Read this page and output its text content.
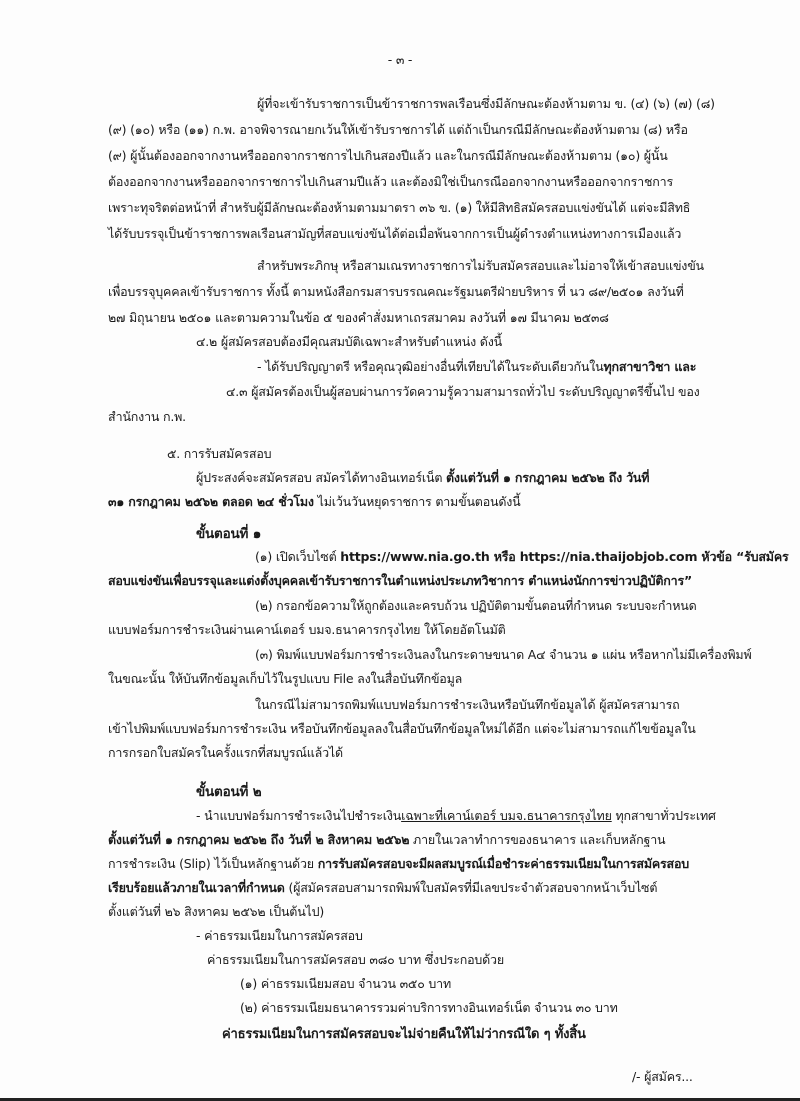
- ๓ -
ผู้ที่จะเข้ารับราชการเป็นข้าราชการพลเรือนซึ่งมีลักษณะต้องห้ามตาม ข. (๔) (๖) (๗) (๘)
(๙) (๑๐) หรือ (๑๑) ก.พ. อาจพิจารณายกเว้นให้เข้ารับราชการได้ แต่ถ้าเป็นกรณีมีลักษณะต้องห้ามตาม (๘) หรือ
(๙) ผู้นั้นต้องออกจากงานหรือออกจากราชการไปเกินสองปีแล้ว และในกรณีมีลักษณะต้องห้ามตาม (๑๐) ผู้นั้น
ต้องออกจากงานหรือออกจากราชการไปเกินสามปีแล้ว และต้องมิใช่เป็นกรณีออกจากงานหรือออกจากราชการ
เพราะทุจริตต่อหน้าที่ สำหรับผู้มีลักษณะต้องห้ามตามมาตรา ๓๖ ข. (๑) ให้มีสิทธิสมัครสอบแข่งขันได้ แต่จะมีสิทธิ
ได้รับบรรจุเป็นข้าราชการพลเรือนสามัญที่สอบแข่งขันได้ต่อเมื่อพ้นจากการเป็นผู้ดำรงตำแหน่งทางการเมืองแล้ว
สำหรับพระภิกษุ หรือสามเณรทางราชการไม่รับสมัครสอบและไม่อาจให้เข้าสอบแข่งขัน
เพื่อบรรจุบุคคลเข้ารับราชการ ทั้งนี้ ตามหนังสือกรมสารบรรณคณะรัฐมนตรีฝ่ายบริหาร ที่ นว ๘๙/๒๕๐๑ ลงวันที่
๒๗ มิถุนายน ๒๕๐๑ และตามความในข้อ ๕ ของคำสั่งมหาเถรสมาคม ลงวันที่ ๑๗ มีนาคม ๒๕๓๘
๔.๒ ผู้สมัครสอบต้องมีคุณสมบัติเฉพาะสำหรับตำแหน่ง ดังนี้
- ได้รับปริญญาตรี หรือคุณวุฒิอย่างอื่นที่เทียบได้ในระดับเดียวกันในทุกสาขาวิชา และ
๔.๓ ผู้สมัครต้องเป็นผู้สอบผ่านการวัดความรู้ความสามารถทั่วไป ระดับปริญญาตรีขึ้นไป ของ
สำนักงาน ก.พ.
๕. การรับสมัครสอบ
ผู้ประสงค์จะสมัครสอบ สมัครได้ทางอินเทอร์เน็ต ตั้งแต่วันที่ ๑ กรกฎาคม ๒๕๖๒ ถึง วันที่
๓๑ กรกฎาคม ๒๕๖๒ ตลอด ๒๔ ชั่วโมง ไม่เว้นวันหยุดราชการ ตามขั้นตอนดังนี้
ขั้นตอนที่ ๑
(๑) เปิดเว็บไซต์ https://www.nia.go.th หรือ https://nia.thaijobjob.com หัวข้อ “รับสมัคร
สอบแข่งขันเพื่อบรรจุและแต่งตั้งบุคคลเข้ารับราชการในตำแหน่งประเภทวิชาการ ตำแหน่งนักการข่าวปฏิบัติการ”
(๒) กรอกข้อความให้ถูกต้องและครบถ้วน ปฏิบัติตามขั้นตอนที่กำหนด ระบบจะกำหนด
แบบฟอร์มการชำระเงินผ่านเคาน์เตอร์ บมจ.ธนาคารกรุงไทย ให้โดยอัตโนมัติ
(๓) พิมพ์แบบฟอร์มการชำระเงินลงในกระดาษขนาด A๔ จำนวน ๑ แผ่น หรือหากไม่มีเครื่องพิมพ์
ในขณะนั้น ให้บันทึกข้อมูลเก็บไว้ในรูปแบบ File ลงในสื่อบันทึกข้อมูล
ในกรณีไม่สามารถพิมพ์แบบฟอร์มการชำระเงินหรือบันทึกข้อมูลได้ ผู้สมัครสามารถ
เข้าไปพิมพ์แบบฟอร์มการชำระเงิน หรือบันทึกข้อมูลลงในสื่อบันทึกข้อมูลใหม่ได้อีก แต่จะไม่สามารถแก้ไขข้อมูลใน
การกรอกใบสมัครในครั้งแรกที่สมบูรณ์แล้วได้
ขั้นตอนที่ ๒
- นำแบบฟอร์มการชำระเงินไปชำระเงินเฉพาะที่เคาน์เตอร์ บมจ.ธนาคารกรุงไทย ทุกสาขาทั่วประเทศ
ตั้งแต่วันที่ ๑ กรกฎาคม ๒๕๖๒ ถึง วันที่ ๒ สิงหาคม ๒๕๖๒ ภายในเวลาทำการของธนาคาร และเก็บหลักฐาน
การชำระเงิน (Slip) ไว้เป็นหลักฐานด้วย การรับสมัครสอบจะมีผลสมบูรณ์เมื่อชำระค่าธรรมเนียมในการสมัครสอบ
เรียบร้อยแล้วภายในเวลาที่กำหนด (ผู้สมัครสอบสามารถพิมพ์ใบสมัครที่มีเลขประจำตัวสอบจากหน้าเว็บไซต์
ตั้งแต่วันที่ ๒๖ สิงหาคม ๒๕๖๒ เป็นต้นไป)
- ค่าธรรมเนียมในการสมัครสอบ
ค่าธรรมเนียมในการสมัครสอบ ๓๘๐ บาท ซึ่งประกอบด้วย
(๑) ค่าธรรมเนียมสอบ จำนวน ๓๕๐ บาท
(๒) ค่าธรรมเนียมธนาคารรวมค่าบริการทางอินเทอร์เน็ต จำนวน ๓๐ บาท
ค่าธรรมเนียมในการสมัครสอบจะไม่จ่ายคืนให้ไม่ว่ากรณีใด ๆ ทั้งสิ้น
/- ผู้สมัคร...
